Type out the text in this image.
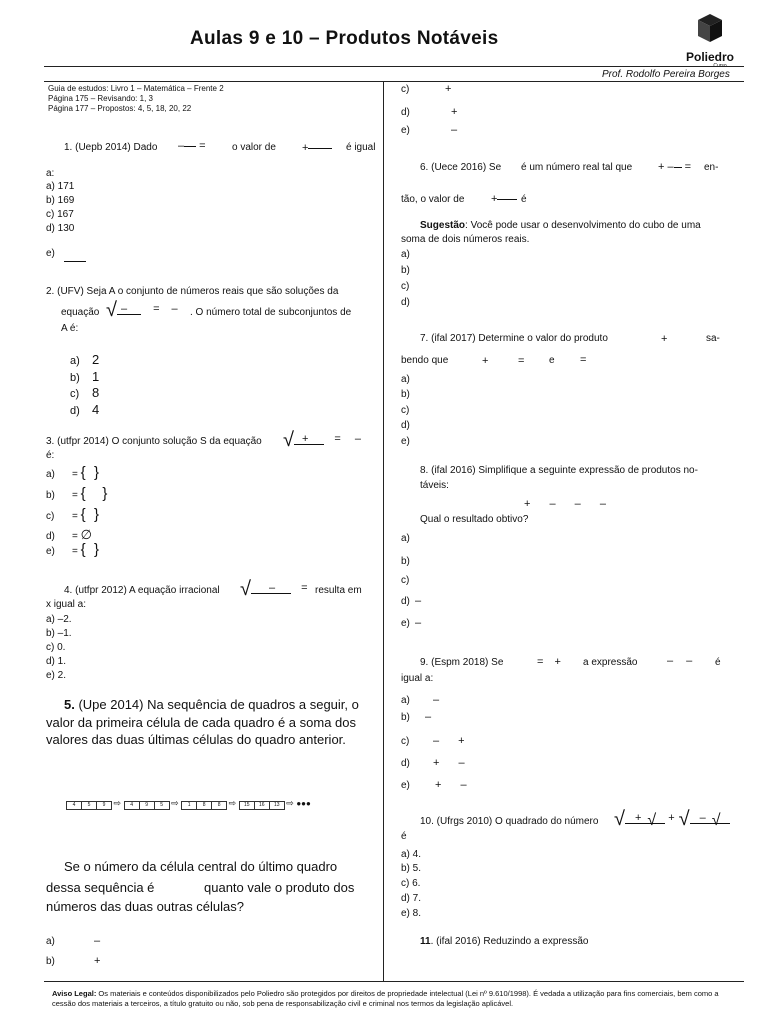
Aulas 9 e 10 – Produtos Notáveis
Poliedro
Prof. Rodolfo Pereira Borges
Guia de estudos: Livro 1 – Matemática – Frente 2
Página 175 – Revisando: 1, 3
Página 177 – Propostos: 4, 5, 18, 20, 22
1. (Uepb 2014) Dado – =	o valor de +	é igual
a:
a) 171
b) 169
c) 167
d) 130
e)
2. (UFV) Seja A o conjunto de números reais que são soluções da
equação √ – = – . O número total de subconjuntos de
A é:
a) 2
b) 1
c) 8
d) 4
3. (utfpr 2014) O conjunto solução S da equação √ + = –
é:
a) = { }
b) = { }
c) = { }
d) = ∅
e) = { }
4. (utfpr 2012) A equação irracional √ – = resulta em
x igual a:
a) –2.
b) –1.
c) 0.
d) 1.
e) 2.
5. (Upe 2014) Na sequência de quadros a seguir, o
valor da primeira célula de cada quadro é a soma dos
valores das duas últimas células do quadro anterior.
4 5 9 ⇨ 4 9 5 ⇨ 1 8 8 ⇨ 15 16 13 ⇨ ●●●
Se o número da célula central do último quadro
dessa sequência é	quanto vale o produto dos
números das duas outras células?
a)	–
b)	+
c)	+
d)	+
e)	–
6. (Uece 2016) Se é um número real tal que + – = en-
tão, o valor de +	é
Sugestão: Você pode usar o desenvolvimento do cubo de uma
soma de dois números reais.
a)
b)
c)
d)
7. (ifal 2017) Determine o valor do produto	+	sa-
bendo que	+	= e =
a)
b)
c)
d)
e)
8. (ifal 2016) Simplifique a seguinte expressão de produtos no-
táveis:
+ – – –
Qual o resultado obtivo?
a)
b)
c)
d) –
e) –
9. (Espm 2018) Se	= + a expressão	– – é
igual a:
a) –
b) –
c) – +
d) + –
e) + –
10. (Ufrgs 2010) O quadrado do número √ + √ + √ – √
é
a) 4.
b) 5.
c) 6.
d) 7.
e) 8.
11. (ifal 2016) Reduzindo a expressão
Aviso Legal: Os materiais e conteúdos disponibilizados pelo Poliedro são protegidos por direitos de propriedade intelectual (Lei nº 9.610/1998). É vedada a utilização para fins comerciais, bem como a
cessão dos materiais a terceiros, a título gratuito ou não, sob pena de responsabilização civil e criminal nos termos da legislação aplicável.
